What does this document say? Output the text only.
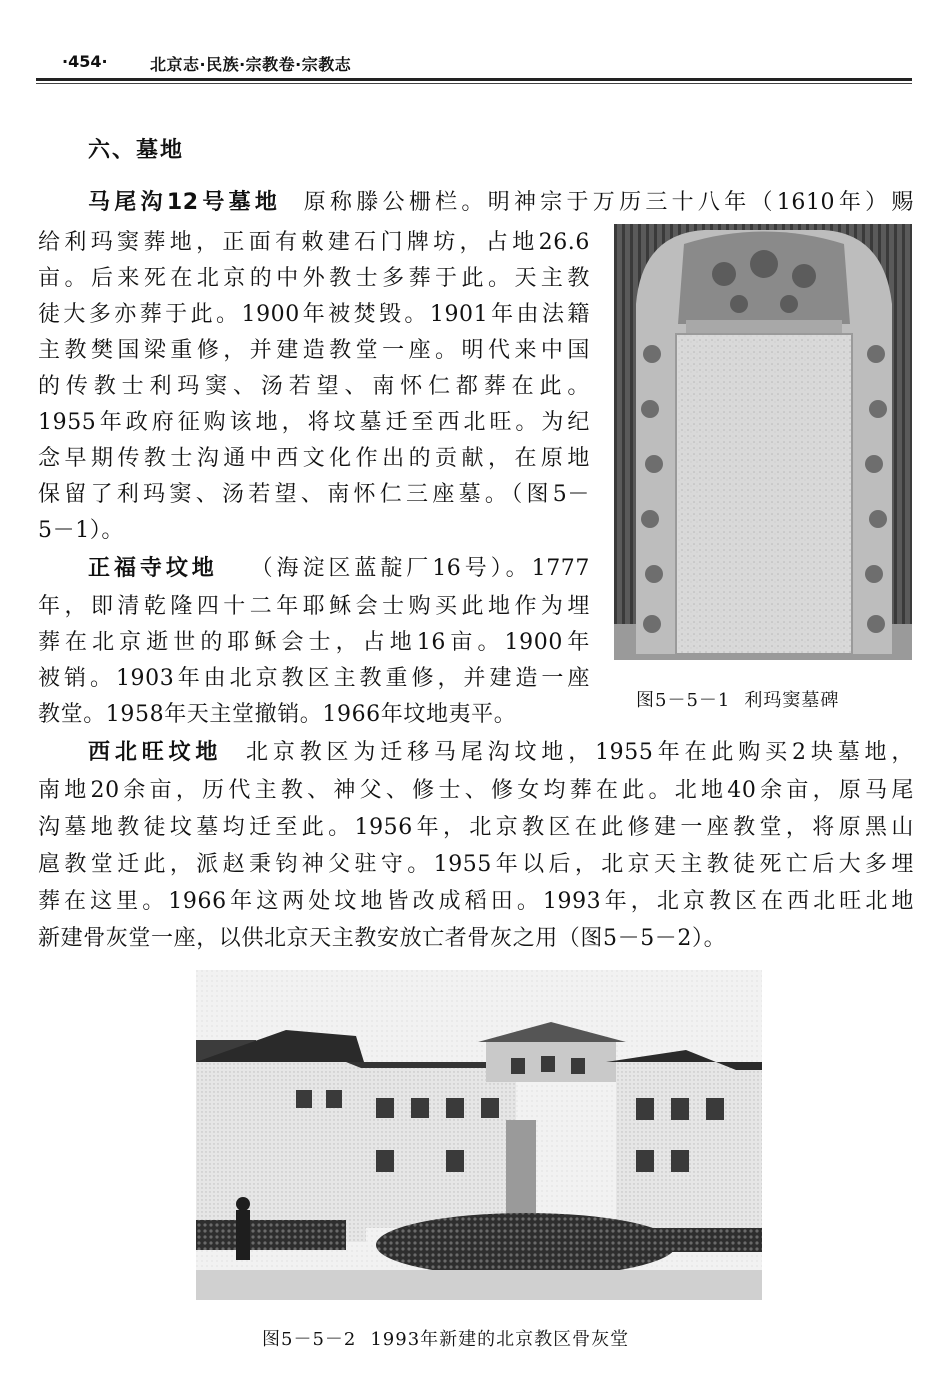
·454·	北京志·民族·宗教卷·宗教志
六、墓地
马尾沟12号墓地 原称滕公栅栏。明神宗于万历三十八年（1610年）赐
给利玛窦葬地，正面有敕建石门牌坊，占地26.6
亩。后来死在北京的中外教士多葬于此。天主教
徒大多亦葬于此。1900年被焚毁。1901年由法籍
主教樊国梁重修，并建造教堂一座。明代来中国
的传教士利玛窦、汤若望、南怀仁都葬在此。
1955年政府征购该地，将坟墓迁至西北旺。为纪
念早期传教士沟通中西文化作出的贡献，在原地
保留了利玛窦、汤若望、南怀仁三座墓。（图5－
5－1）。
正福寺坟地 （海淀区蓝靛厂16号）。1777
年，即清乾隆四十二年耶稣会士购买此地作为埋
葬在北京逝世的耶稣会士，占地16亩。1900年
被销。1903年由北京教区主教重修，并建造一座
教堂。1958年天主堂撤销。1966年坟地夷平。
西北旺坟地 北京教区为迁移马尾沟坟地，1955年在此购买2块墓地，
南地20余亩，历代主教、神父、修士、修女均葬在此。北地40余亩，原马尾
沟墓地教徒坟墓均迁至此。1956年，北京教区在此修建一座教堂，将原黑山
扈教堂迁此，派赵秉钧神父驻守。1955年以后，北京天主教徒死亡后大多埋
葬在这里。1966年这两处坟地皆改成稻田。1993年，北京教区在西北旺北地
新建骨灰堂一座，以供北京天主教安放亡者骨灰之用（图5－5－2）。
图5－5－1 利玛窦墓碑
图5－5－2 1993年新建的北京教区骨灰堂
